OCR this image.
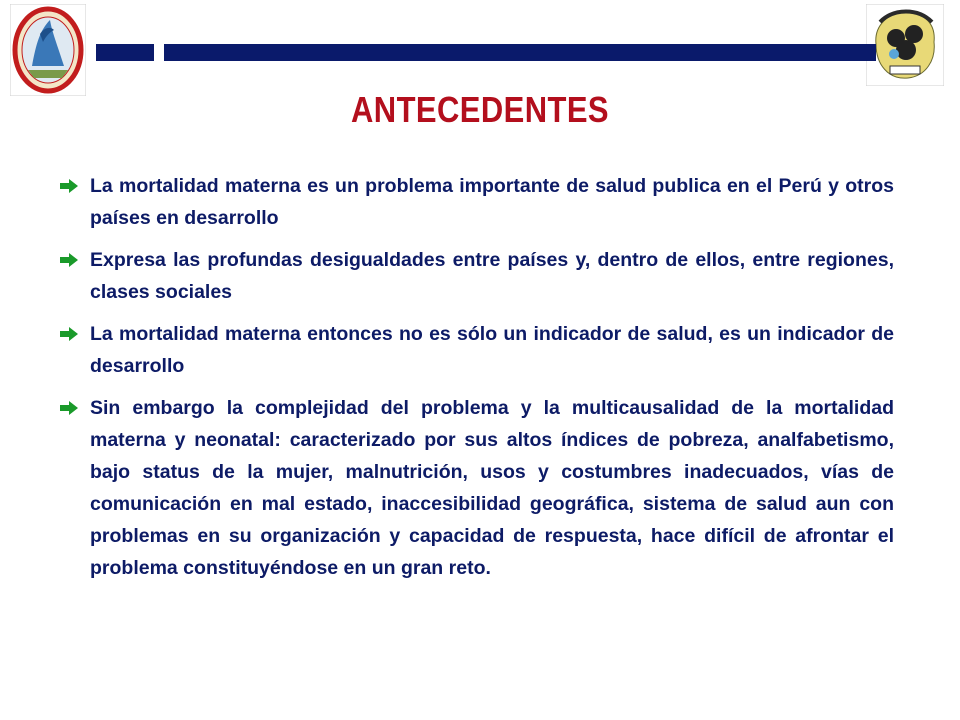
ANTECEDENTES
La mortalidad materna es un problema importante de salud publica en el Perú y otros países en desarrollo
Expresa las profundas desigualdades entre países y, dentro de ellos, entre regiones, clases sociales
La mortalidad materna entonces no es sólo un indicador de salud, es un indicador de desarrollo
Sin embargo la complejidad del problema y la multicausalidad de la mortalidad materna y neonatal: caracterizado por sus altos índices de pobreza, analfabetismo, bajo status de la mujer, malnutrición, usos y costumbres inadecuados, vías de comunicación en mal estado, inaccesibilidad geográfica, sistema de salud aun con problemas en su organización y capacidad de respuesta, hace difícil de afrontar el problema constituyéndose en un gran reto.
